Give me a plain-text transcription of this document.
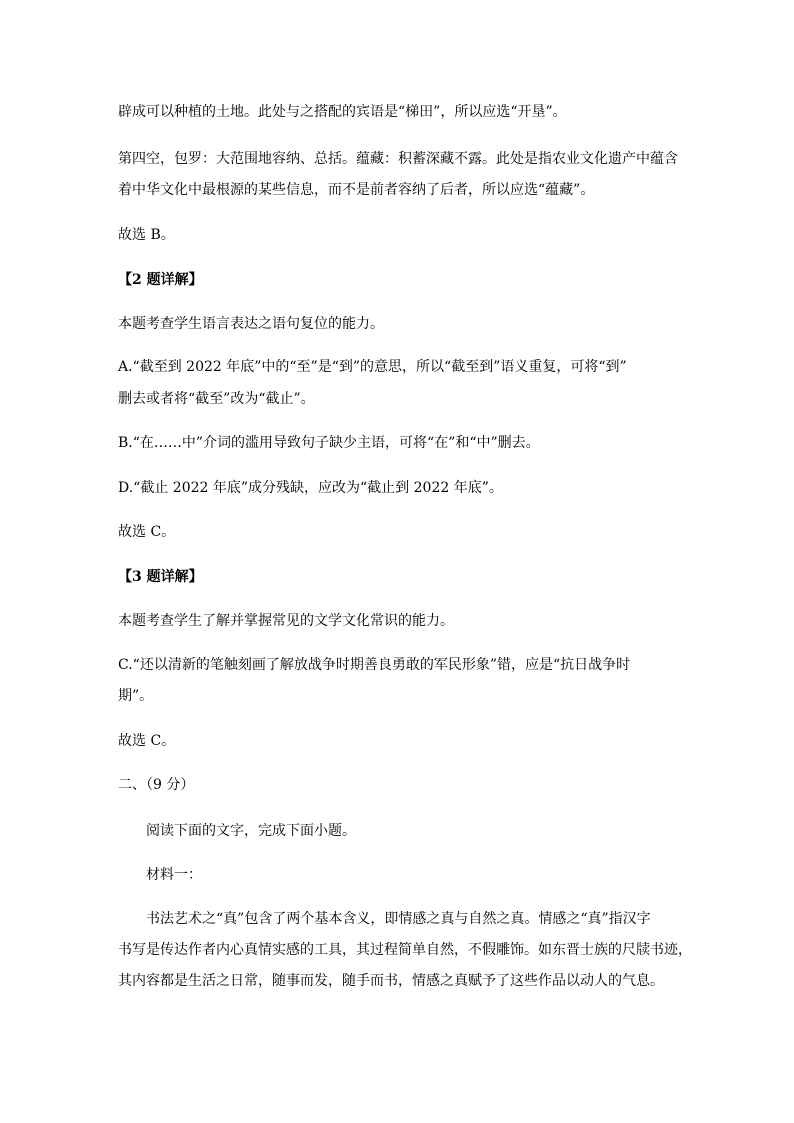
辟成可以种植的土地。此处与之搭配的宾语是“梯田”，所以应选“开垦”。
第四空，包罗：大范围地容纳、总括。蕴藏：积蓄深藏不露。此处是指农业文化遗产中蕴含
着中华文化中最根源的某些信息，而不是前者容纳了后者，所以应选“蕴藏”。
故选 B。
【2 题详解】
本题考查学生语言表达之语句复位的能力。
A.“截至到 2022 年底”中的“至”是“到”的意思，所以“截至到”语义重复，可将“到”
删去或者将“截至”改为“截止”。
B.“在……中”介词的滥用导致句子缺少主语，可将“在”和“中”删去。
D.“截止 2022 年底”成分残缺，应改为“截止到 2022 年底”。
故选 C。
【3 题详解】
本题考查学生了解并掌握常见的文学文化常识的能力。
C.“还以清新的笔触刻画了解放战争时期善良勇敢的军民形象”错，应是“抗日战争时
期”。
故选 C。
二、（9 分）
阅读下面的文字，完成下面小题。
材料一：
书法艺术之“真”包含了两个基本含义，即情感之真与自然之真。情感之“真”指汉字
书写是传达作者内心真情实感的工具，其过程简单自然，不假雕饰。如东晋士族的尺牍书迹，
其内容都是生活之日常，随事而发，随手而书，情感之真赋予了这些作品以动人的气息。
